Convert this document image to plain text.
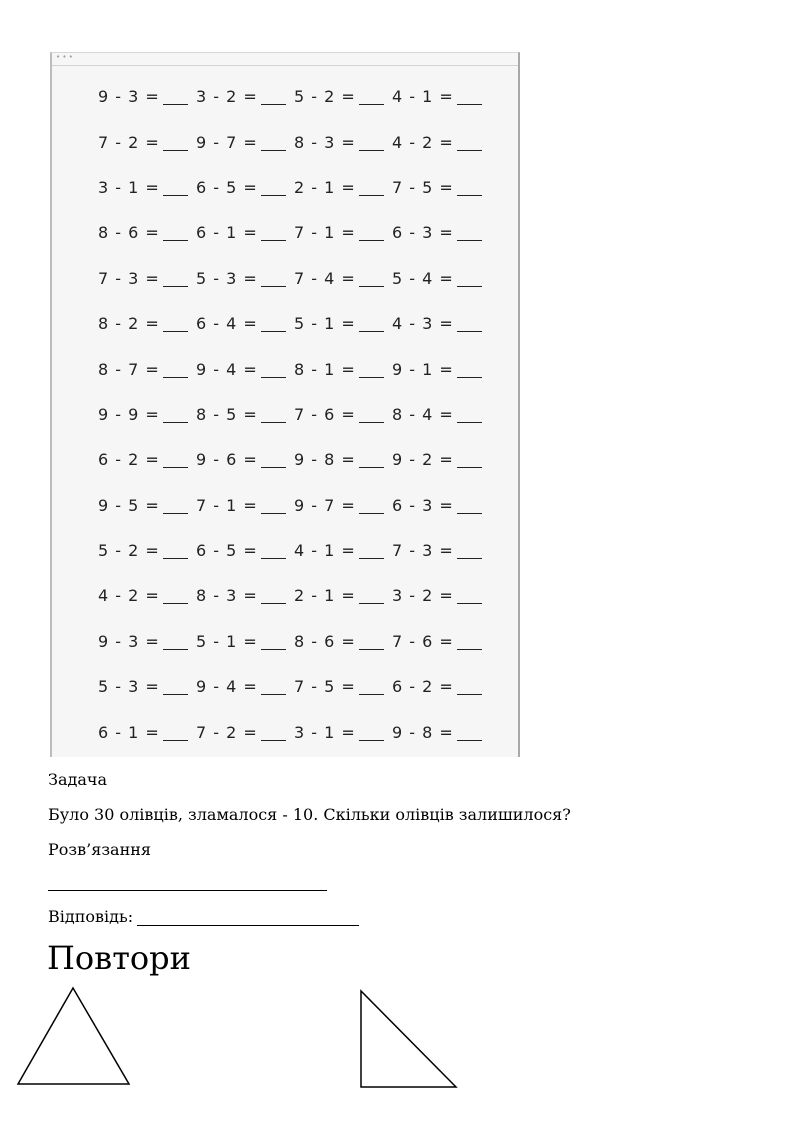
• • •
9 - 3 = 3 - 2 = 5 - 2 = 4 - 1 =
7 - 2 = 9 - 7 = 8 - 3 = 4 - 2 =
3 - 1 = 6 - 5 = 2 - 1 = 7 - 5 =
8 - 6 = 6 - 1 = 7 - 1 = 6 - 3 =
7 - 3 = 5 - 3 = 7 - 4 = 5 - 4 =
8 - 2 = 6 - 4 = 5 - 1 = 4 - 3 =
8 - 7 = 9 - 4 = 8 - 1 = 9 - 1 =
9 - 9 = 8 - 5 = 7 - 6 = 8 - 4 =
6 - 2 = 9 - 6 = 9 - 8 = 9 - 2 =
9 - 5 = 7 - 1 = 9 - 7 = 6 - 3 =
5 - 2 = 6 - 5 = 4 - 1 = 7 - 3 =
4 - 2 = 8 - 3 = 2 - 1 = 3 - 2 =
9 - 3 = 5 - 1 = 8 - 6 = 7 - 6 =
5 - 3 = 9 - 4 = 7 - 5 = 6 - 2 =
6 - 1 = 7 - 2 = 3 - 1 = 9 - 8 =

Задача

Було 30 олівців, зламалося - 10. Скільки олівців залишилося?

Розв’язання

Відповідь:

Повтори
